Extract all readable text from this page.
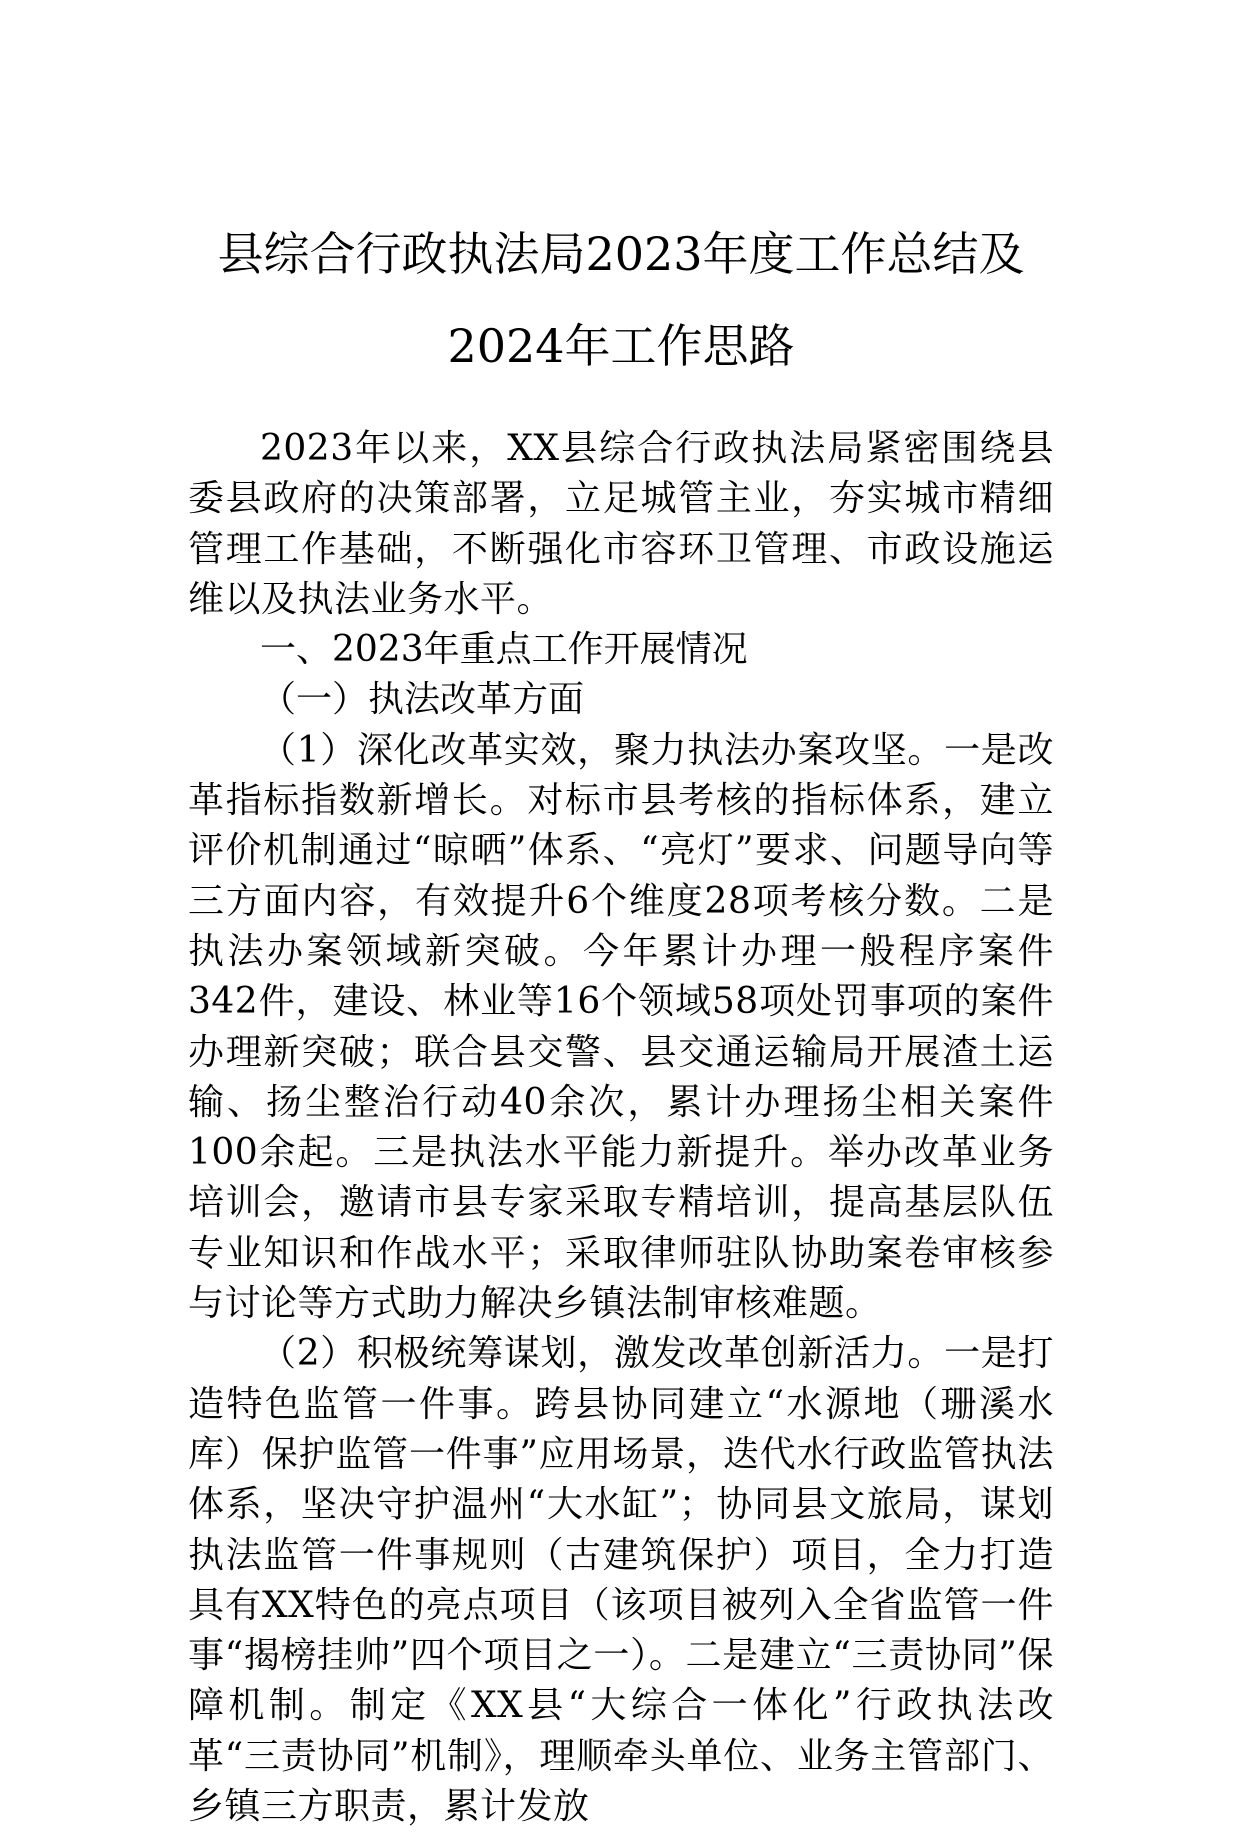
县综合行政执法局2023年度工作总结及

2024年工作思路

2023年以来，XX县综合行政执法局紧密围绕县委县政府的决策部署，立足城管主业，夯实城市精细管理工作基础，不断强化市容环卫管理、市政设施运维以及执法业务水平。

一、2023年重点工作开展情况

（一）执法改革方面

（1）深化改革实效，聚力执法办案攻坚。一是改革指标指数新增长。对标市县考核的指标体系，建立评价机制通过“晾晒”体系、“亮灯”要求、问题导向等三方面内容，有效提升6个维度28项考核分数。二是执法办案领域新突破。今年累计办理一般程序案件342件，建设、林业等16个领域58项处罚事项的案件办理新突破；联合县交警、县交通运输局开展渣土运输、扬尘整治行动40余次，累计办理扬尘相关案件100余起。三是执法水平能力新提升。举办改革业务培训会，邀请市县专家采取专精培训，提高基层队伍专业知识和作战水平；采取律师驻队协助案卷审核参与讨论等方式助力解决乡镇法制审核难题。

（2）积极统筹谋划，激发改革创新活力。一是打造特色监管一件事。跨县协同建立“水源地（珊溪水库）保护监管一件事”应用场景，迭代水行政监管执法体系，坚决守护温州“大水缸”；协同县文旅局，谋划执法监管一件事规则（古建筑保护）项目，全力打造具有XX特色的亮点项目（该项目被列入全省监管一件事“揭榜挂帅”四个项目之一）。二是建立“三责协同”保障机制。制定《XX县“大综合一体化”行政执法改革“三责协同”机制》，理顺牵头单位、业务主管部门、乡镇三方职责，累计发放
